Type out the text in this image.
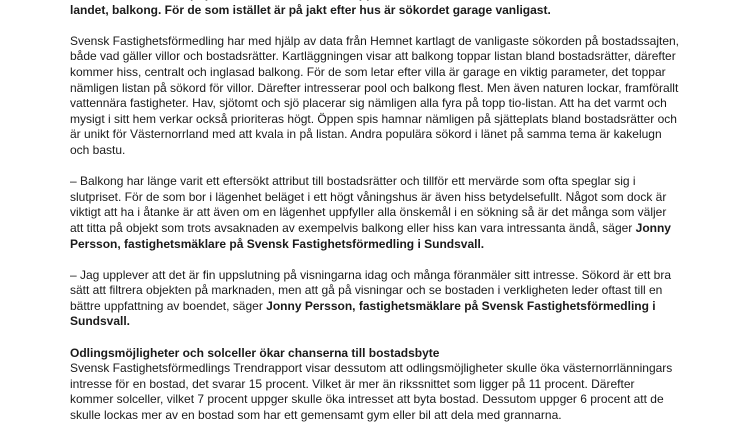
landet, balkong. För de som istället är på jakt efter hus är sökordet garage vanligast.

Svensk Fastighetsförmedling har med hjälp av data från Hemnet kartlagt de vanligaste sökorden på bostadssajten, både vad gäller villor och bostadsrätter. Kartläggningen visar att balkong toppar listan bland bostadsrätter, därefter kommer hiss, centralt och inglasad balkong. För de som letar efter villa är garage en viktig parameter, det toppar nämligen listan på sökord för villor. Därefter intresserar pool och balkong flest. Men även naturen lockar, framförallt vattennära fastigheter. Hav, sjötomt och sjö placerar sig nämligen alla fyra på topp tio-listan. Att ha det varmt och mysigt i sitt hem verkar också prioriteras högt. Öppen spis hamnar nämligen på sjätteplats bland bostadsrätter och är unikt för Västernorrland med att kvala in på listan. Andra populära sökord i länet på samma tema är kakelugn och bastu.

– Balkong har länge varit ett eftersökt attribut till bostadsrätter och tillför ett mervärde som ofta speglar sig i slutpriset. För de som bor i lägenhet beläget i ett högt våningshus är även hiss betydelsefullt. Något som dock är viktigt att ha i åtanke är att även om en lägenhet uppfyller alla önskemål i en sökning så är det många som väljer att titta på objekt som trots avsaknaden av exempelvis balkong eller hiss kan vara intressanta ändå, säger Jonny Persson, fastighetsmäklare på Svensk Fastighetsförmedling i Sundsvall.

– Jag upplever att det är fin uppslutning på visningarna idag och många föranmäler sitt intresse. Sökord är ett bra sätt att filtrera objekten på marknaden, men att gå på visningar och se bostaden i verkligheten leder oftast till en bättre uppfattning av boendet, säger Jonny Persson, fastighetsmäklare på Svensk Fastighetsförmedling i Sundsvall.

Odlingsmöjligheter och solceller ökar chanserna till bostadsbyte

Svensk Fastighetsförmedlings Trendrapport visar dessutom att odlingsmöjligheter skulle öka västernorrlänningars intresse för en bostad, det svarar 15 procent. Vilket är mer än rikssnittet som ligger på 11 procent. Därefter kommer solceller, vilket 7 procent uppger skulle öka intresset att byta bostad. Dessutom uppger 6 procent att de skulle lockas mer av en bostad som har ett gemensamt gym eller bil att dela med grannarna.
